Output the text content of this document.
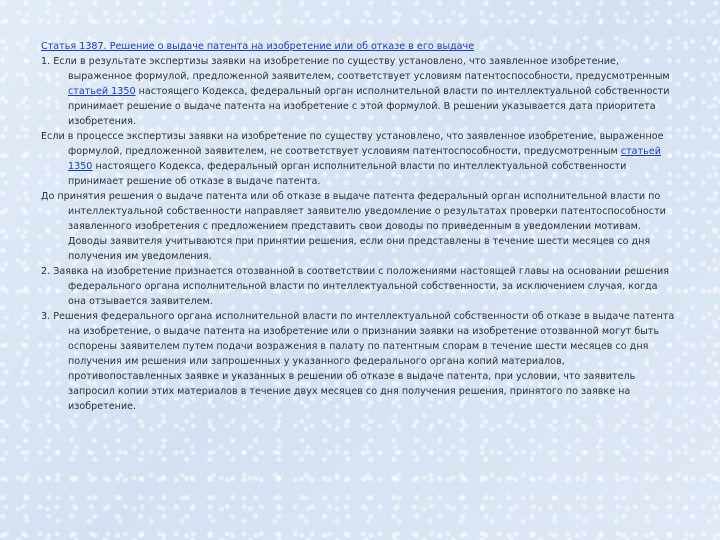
Статья 1387. Решение о выдаче патента на изобретение или об отказе в его выдаче

1. Если в результате экспертизы заявки на изобретение по существу установлено, что заявленное изобретение, выраженное формулой, предложенной заявителем, соответствует условиям патентоспособности, предусмотренным статьей 1350 настоящего Кодекса, федеральный орган исполнительной власти по интеллектуальной собственности принимает решение о выдаче патента на изобретение с этой формулой. В решении указывается дата приоритета изобретения.

Если в процессе экспертизы заявки на изобретение по существу установлено, что заявленное изобретение, выраженное формулой, предложенной заявителем, не соответствует условиям патентоспособности, предусмотренным статьей 1350 настоящего Кодекса, федеральный орган исполнительной власти по интеллектуальной собственности принимает решение об отказе в выдаче патента.

До принятия решения о выдаче патента или об отказе в выдаче патента федеральный орган исполнительной власти по интеллектуальной собственности направляет заявителю уведомление о результатах проверки патентоспособности заявленного изобретения с предложением представить свои доводы по приведенным в уведомлении мотивам. Доводы заявителя учитываются при принятии решения, если они представлены в течение шести месяцев со дня получения им уведомления.

2. Заявка на изобретение признается отозванной в соответствии с положениями настоящей главы на основании решения федерального органа исполнительной власти по интеллектуальной собственности, за исключением случая, когда она отзывается заявителем.

3. Решения федерального органа исполнительной власти по интеллектуальной собственности об отказе в выдаче патента на изобретение, о выдаче патента на изобретение или о признании заявки на изобретение отозванной могут быть оспорены заявителем путем подачи возражения в палату по патентным спорам в течение шести месяцев со дня получения им решения или запрошенных у указанного федерального органа копий материалов, противопоставленных заявке и указанных в решении об отказе в выдаче патента, при условии, что заявитель запросил копии этих материалов в течение двух месяцев со дня получения решения, принятого по заявке на изобретение.
